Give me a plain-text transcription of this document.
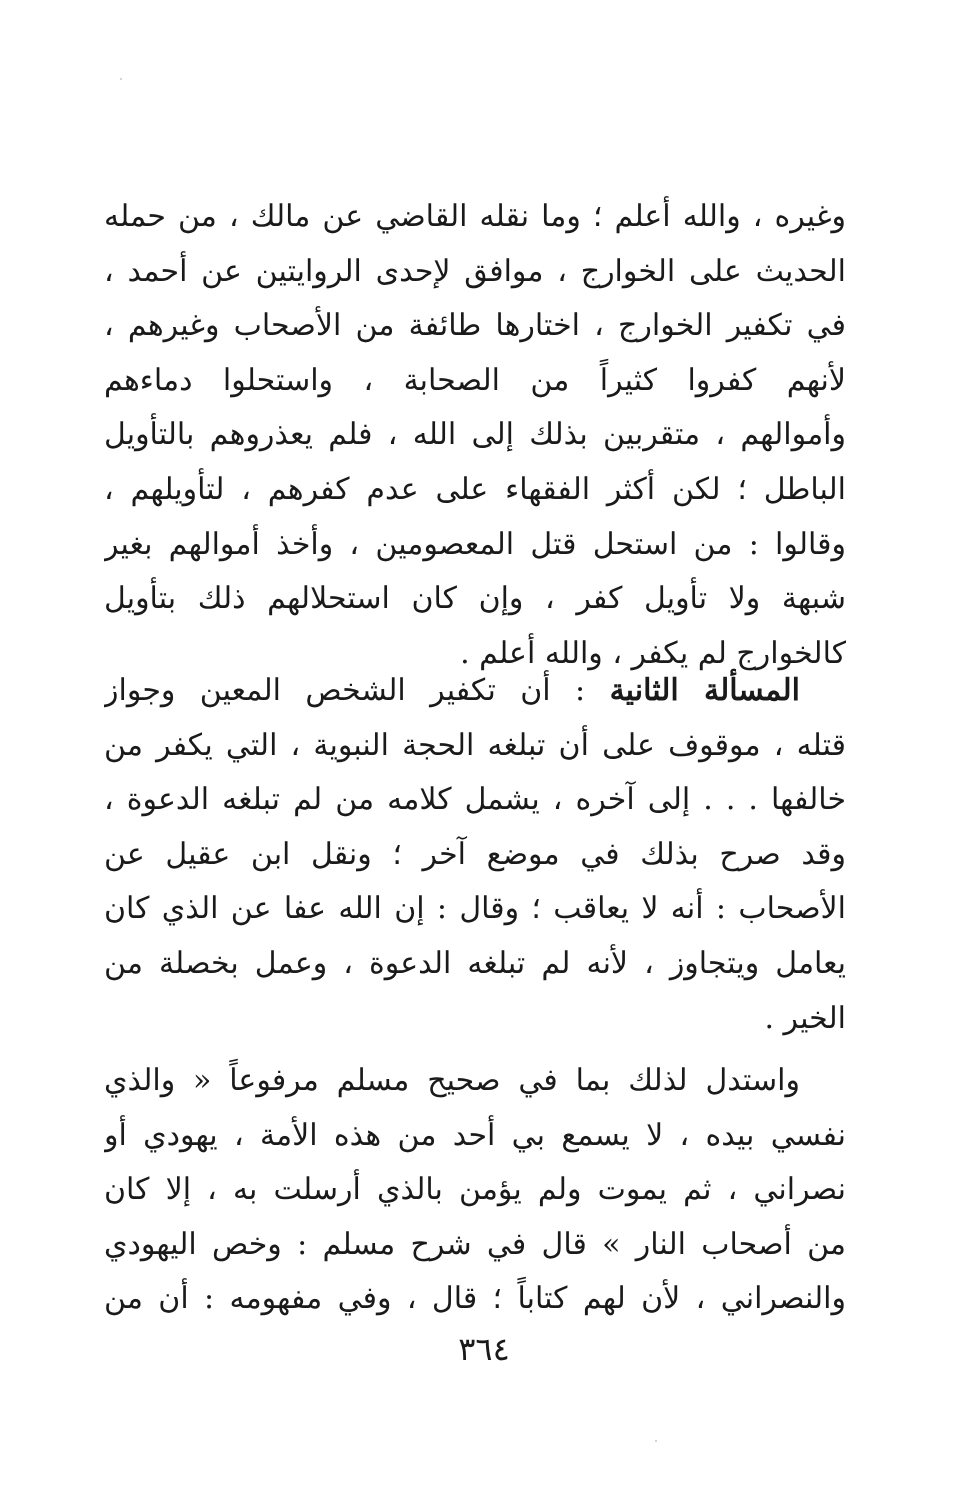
وغيره ، والله أعلم ؛ وما نقله القاضي عن مالك ، من حمله
الحديث على الخوارج ، موافق لإحدى الروايتين عن أحمد ،
في تكفير الخوارج ، اختارها طائفة من الأصحاب وغيرهم ،
لأنهم كفروا كثيراً من الصحابة ، واستحلوا دماءهم
وأموالهم ، متقربين بذلك إلى الله ، فلم يعذروهم بالتأويل
الباطل ؛ لكن أكثر الفقهاء على عدم كفرهم ، لتأويلهم ،
وقالوا : من استحل قتل المعصومين ، وأخذ أموالهم بغير
شبهة ولا تأويل كفر ، وإن كان استحلالهم ذلك بتأويل
كالخوارج لم يكفر ، والله أعلم .
المسألة الثانية : أن تكفير الشخص المعين وجواز
قتله ، موقوف على أن تبلغه الحجة النبوية ، التي يكفر من
خالفها . . . إلى آخره ، يشمل كلامه من لم تبلغه الدعوة ،
وقد صرح بذلك في موضع آخر ؛ ونقل ابن عقيل عن
الأصحاب : أنه لا يعاقب ؛ وقال : إن الله عفا عن الذي كان
يعامل ويتجاوز ، لأنه لم تبلغه الدعوة ، وعمل بخصلة من
الخير .
واستدل لذلك بما في صحيح مسلم مرفوعاً « والذي
نفسي بيده ، لا يسمع بي أحد من هذه الأمة ، يهودي أو
نصراني ، ثم يموت ولم يؤمن بالذي أرسلت به ، إلا كان
من أصحاب النار » قال في شرح مسلم : وخص اليهودي
والنصراني ، لأن لهم كتاباً ؛ قال ، وفي مفهومه : أن من
٣٦٤
